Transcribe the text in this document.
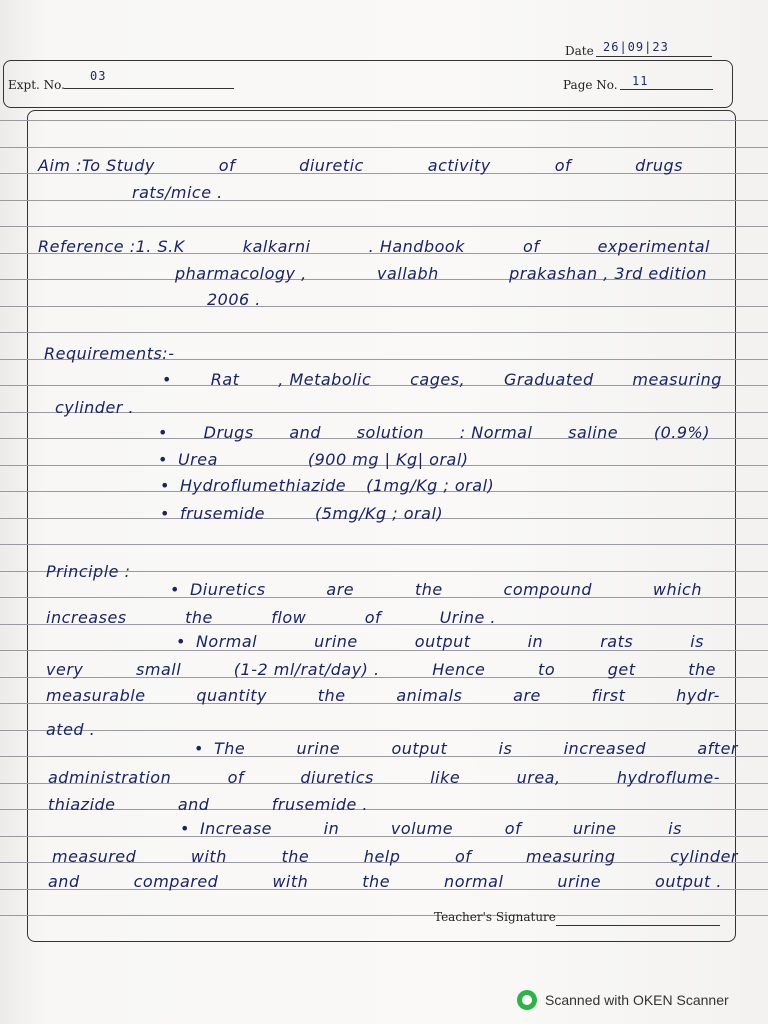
Date 26|09|23
Expt. No.
03
Page No. 11
Aim :To Study	of	diuretic	activity	of	drugs
rats/mice .
Reference :1. S.K	kalkarni	. Handbook	of	experimental
pharmacology ,	vallabh	prakashan , 3rd edition
2006 .
Requirements:-
• Rat , Metabolic cages, Graduated measuring
cylinder .
• Drugs and solution : Normal saline (0.9%)
• Urea	(900 mg | Kg| oral)
• Hydroflumethiazide (1mg/Kg ; oral)
• frusemide	(5mg/Kg ; oral)
Principle :
• Diuretics	are	the	compound	which
increases	the	flow	of	Urine .
• Normal	urine	output	in	rats	is
very	small	(1-2 ml/rat/day) .	Hence	to	get	the
measurable	quantity	the	animals	are	first	hydr-
ated .
• The	urine	output	is	increased	after
administration	of	diuretics	like	urea,	hydroflume-
thiazide	and	frusemide .
• Increase	in	volume	of	urine	is
measured	with	the	help	of	measuring	cylinder
and	compared	with	the	normal	urine	output .
Teacher's Signature
Scanned with OKEN Scanner
